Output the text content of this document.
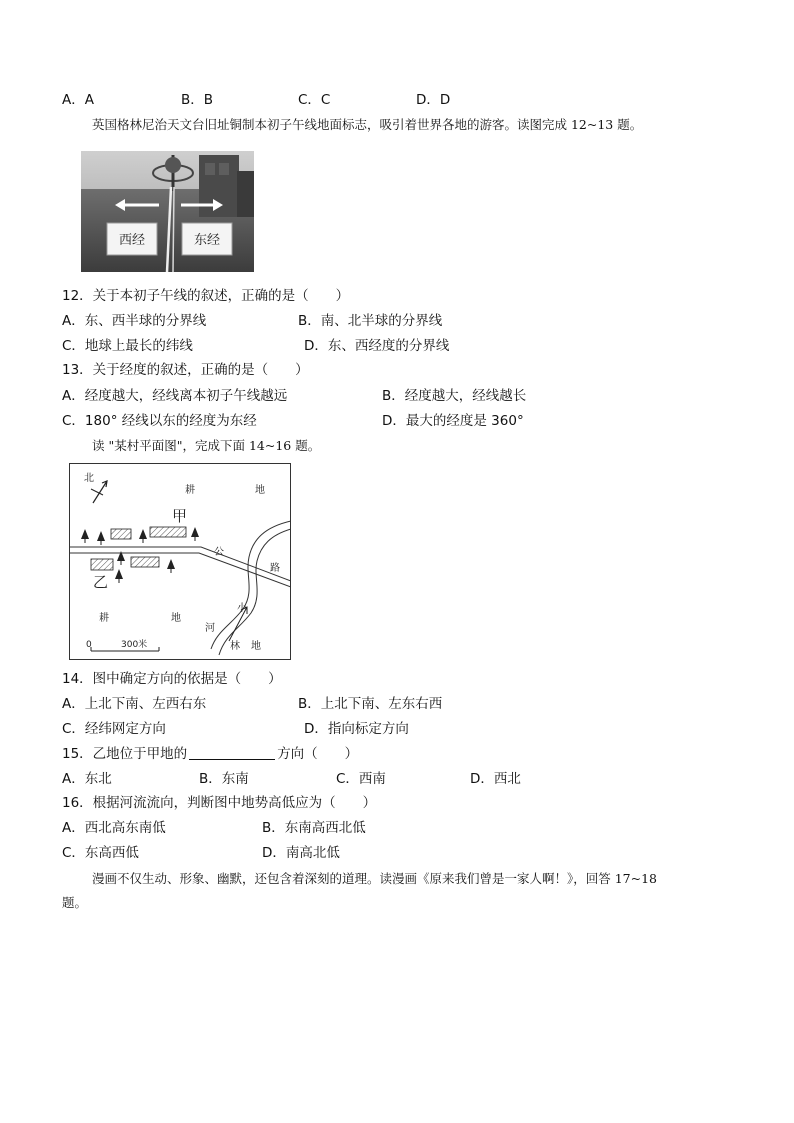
A．A	B．B	C．C	D．D
英国格林尼治天文台旧址铜制本初子午线地面标志，吸引着世界各地的游客。读图完成 12~13 题。
西经	东经
12．关于本初子午线的叙述，正确的是（　　）
A．东、西半球的分界线	B．南、北半球的分界线
C．地球上最长的纬线	D．东、西经度的分界线
13．关于经度的叙述，正确的是（　　）
A．经度越大，经线离本初子午线越远	B．经度越大，经线越长
C．180° 经线以东的经度为东经	D．最大的经度是 360°
读 "某村平面图"，完成下面 14~16 题。
北
耕	地
甲
乙
公
路
小
河
耕	地
林 地
0	300米
14．图中确定方向的依据是（　　）
A．上北下南、左西右东	B．上北下南、左东右西
C．经纬网定方向	D．指向标定方向
15．乙地位于甲地的	方向（　　）
A．东北	B．东南	C．西南	D．西北
16．根据河流流向，判断图中地势高低应为（　　）
A．西北高东南低	B．东南高西北低
C．东高西低	D．南高北低
漫画不仅生动、形象、幽默，还包含着深刻的道理。读漫画《原来我们曾是一家人啊！》，回答 17~18
题。
